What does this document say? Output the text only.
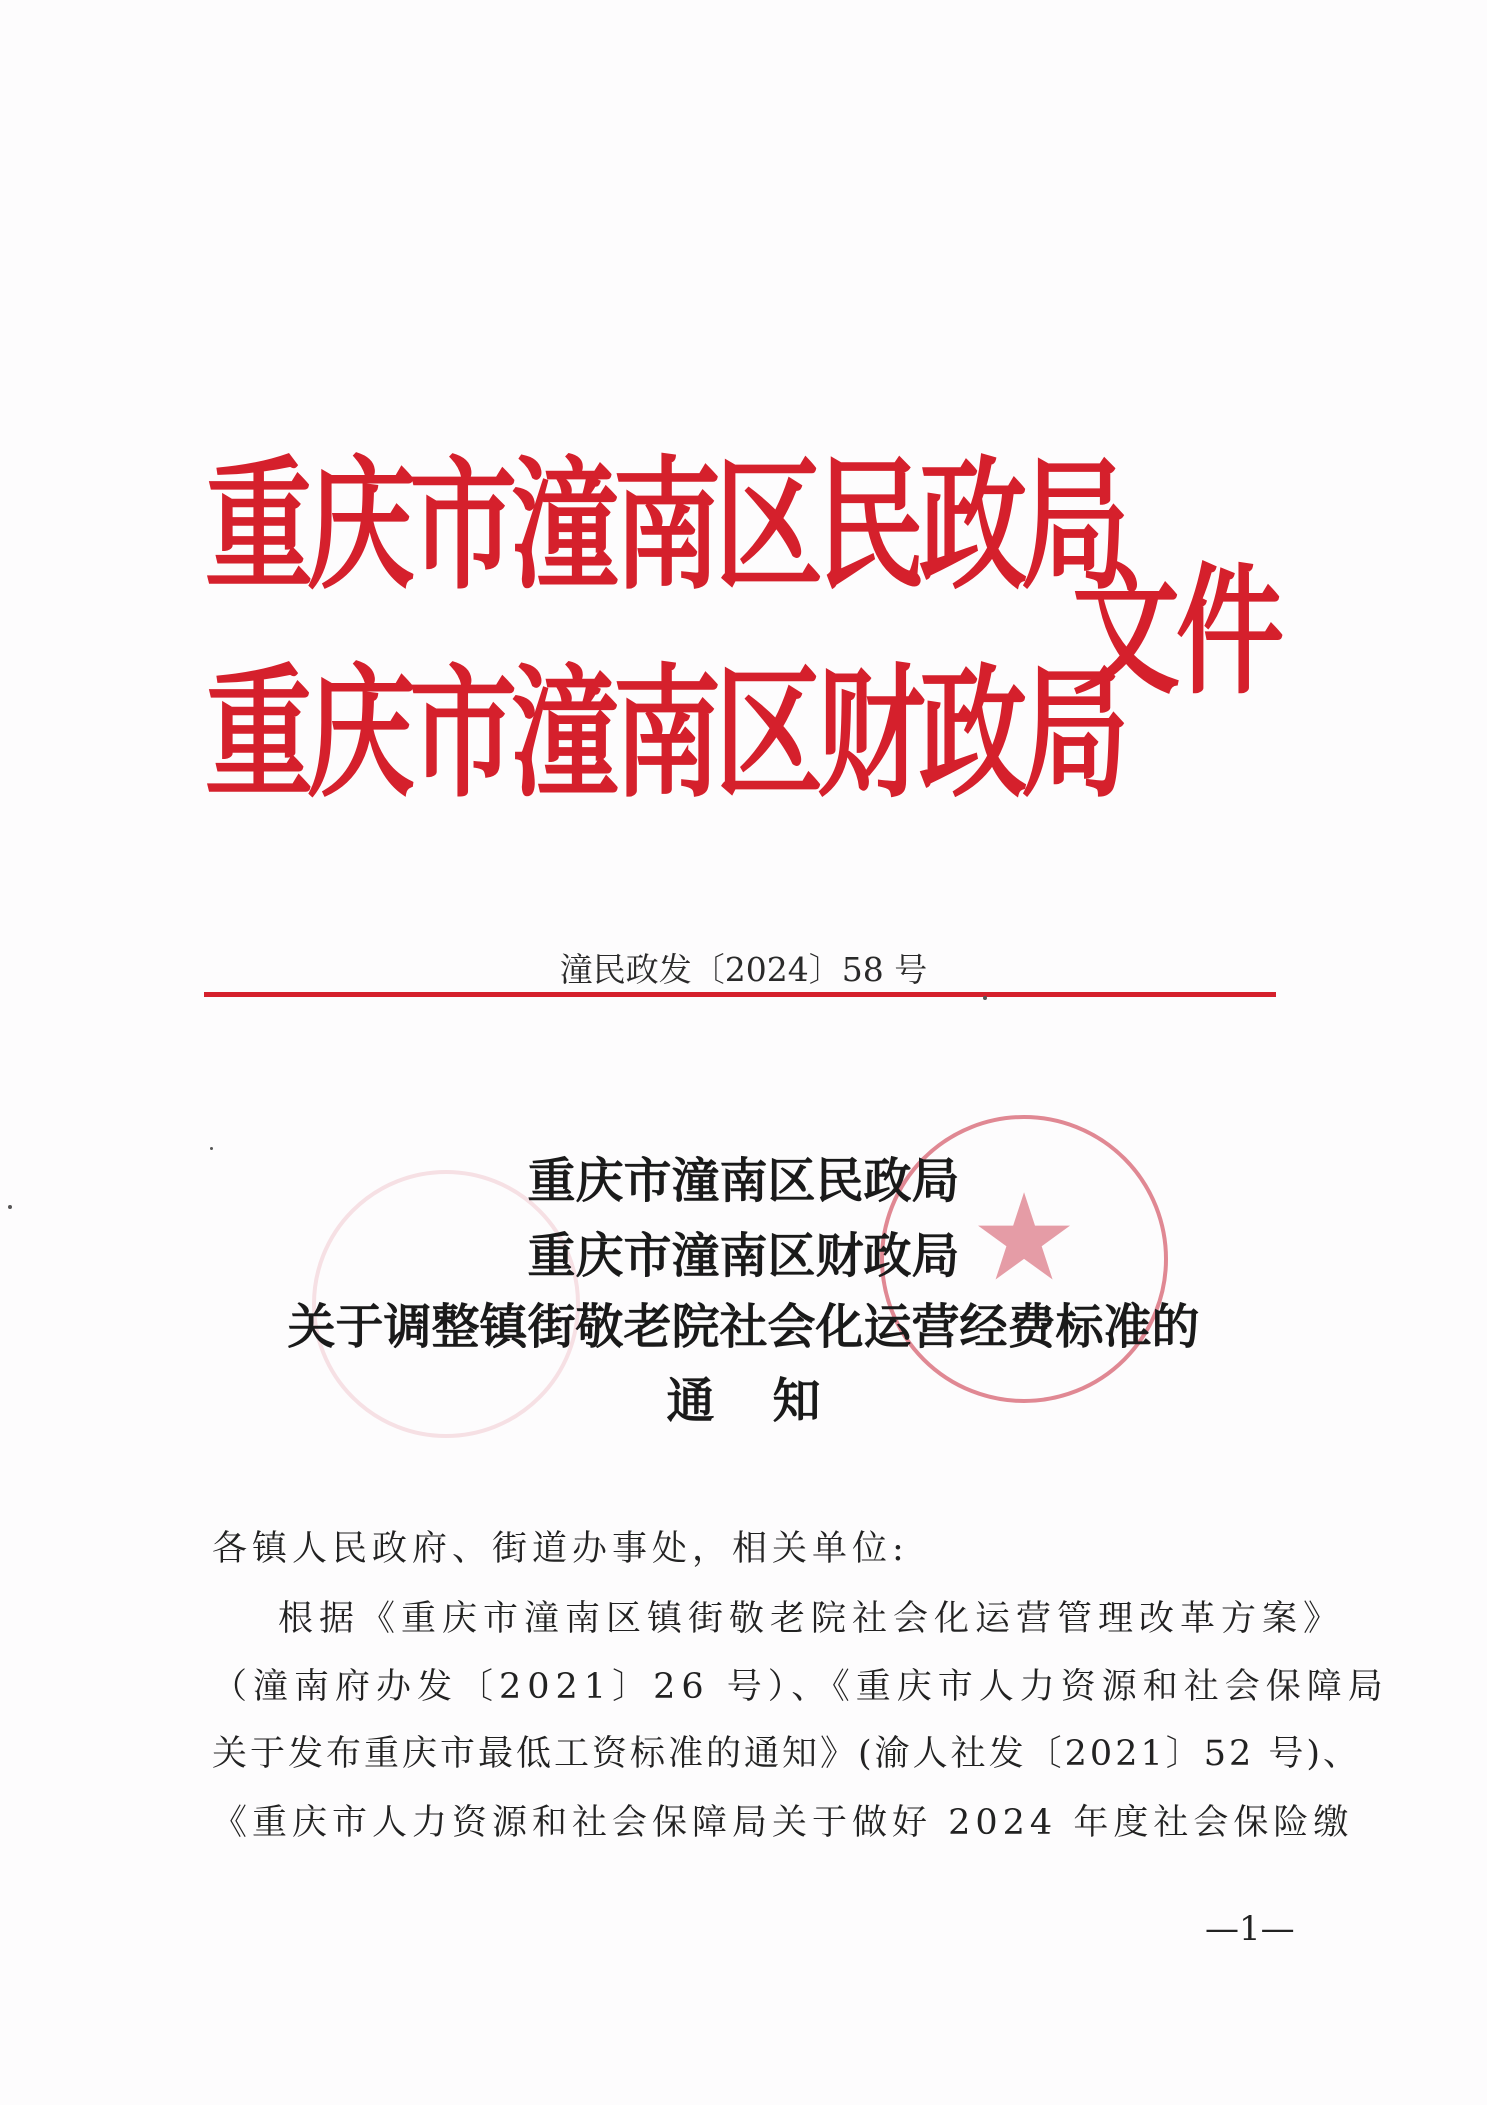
重庆市潼南区民政局
重庆市潼南区财政局
文件
潼民政发〔2024〕58 号
★
重庆市潼南区民政局
重庆市潼南区财政局
关于调整镇街敬老院社会化运营经费标准的
通知
各镇人民政府、街道办事处，相关单位:
根据《重庆市潼南区镇街敬老院社会化运营管理改革方案》
（潼南府办发〔2021〕26 号）、《重庆市人力资源和社会保障局
关于发布重庆市最低工资标准的通知》(渝人社发〔2021〕52 号)、
《重庆市人力资源和社会保障局关于做好 2024 年度社会保险缴
—1—
